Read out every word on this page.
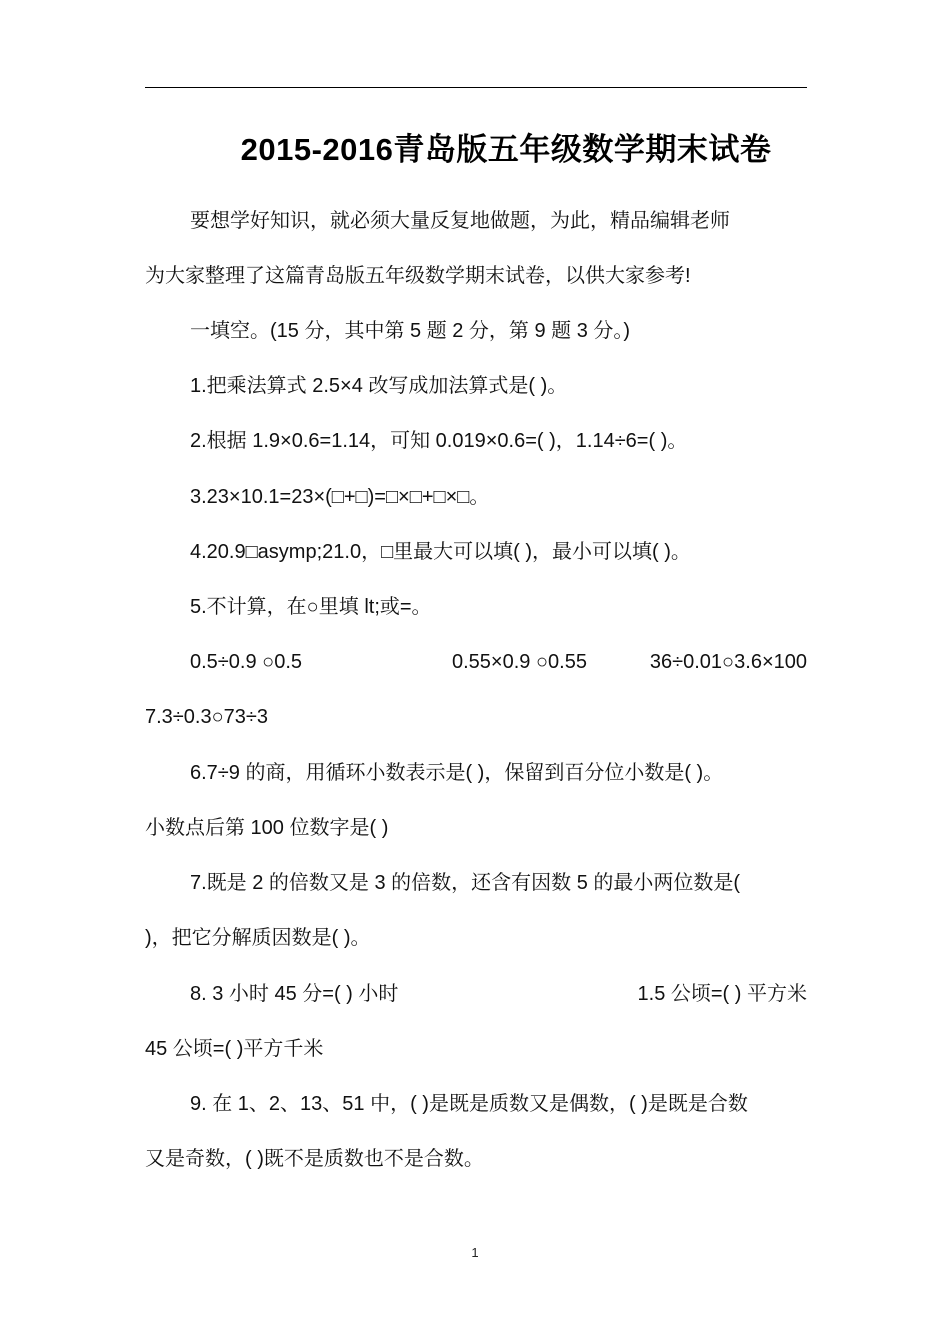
2015-2016青岛版五年级数学期末试卷
要想学好知识，就必须大量反复地做题，为此，精品编辑老师
为大家整理了这篇青岛版五年级数学期末试卷，以供大家参考!
一填空。(15 分，其中第 5 题 2 分，第 9 题 3 分。)
1.把乘法算式 2.5×4 改写成加法算式是( )。
2.根据 1.9×0.6=1.14，可知 0.019×0.6=( )，1.14÷6=( )。
3.23×10.1=23×(□+□)=□×□+□×□。
4.20.9□asymp;21.0，□里最大可以填( )，最小可以填( )。
5.不计算，在○里填 lt;或=。
0.5÷0.9 ○0.5	0.55×0.9 ○0.55	36÷0.01○3.6×100
7.3÷0.3○73÷3
6.7÷9 的商，用循环小数表示是( )，保留到百分位小数是( )。
小数点后第 100 位数字是( )
7.既是 2 的倍数又是 3 的倍数，还含有因数 5 的最小两位数是(
)，把它分解质因数是( )。
8. 3 小时 45 分=( ) 小时	1.5 公顷=( ) 平方米
45 公顷=( )平方千米
9. 在 1、2、13、51 中，( )是既是质数又是偶数，( )是既是合数
又是奇数，( )既不是质数也不是合数。
1
